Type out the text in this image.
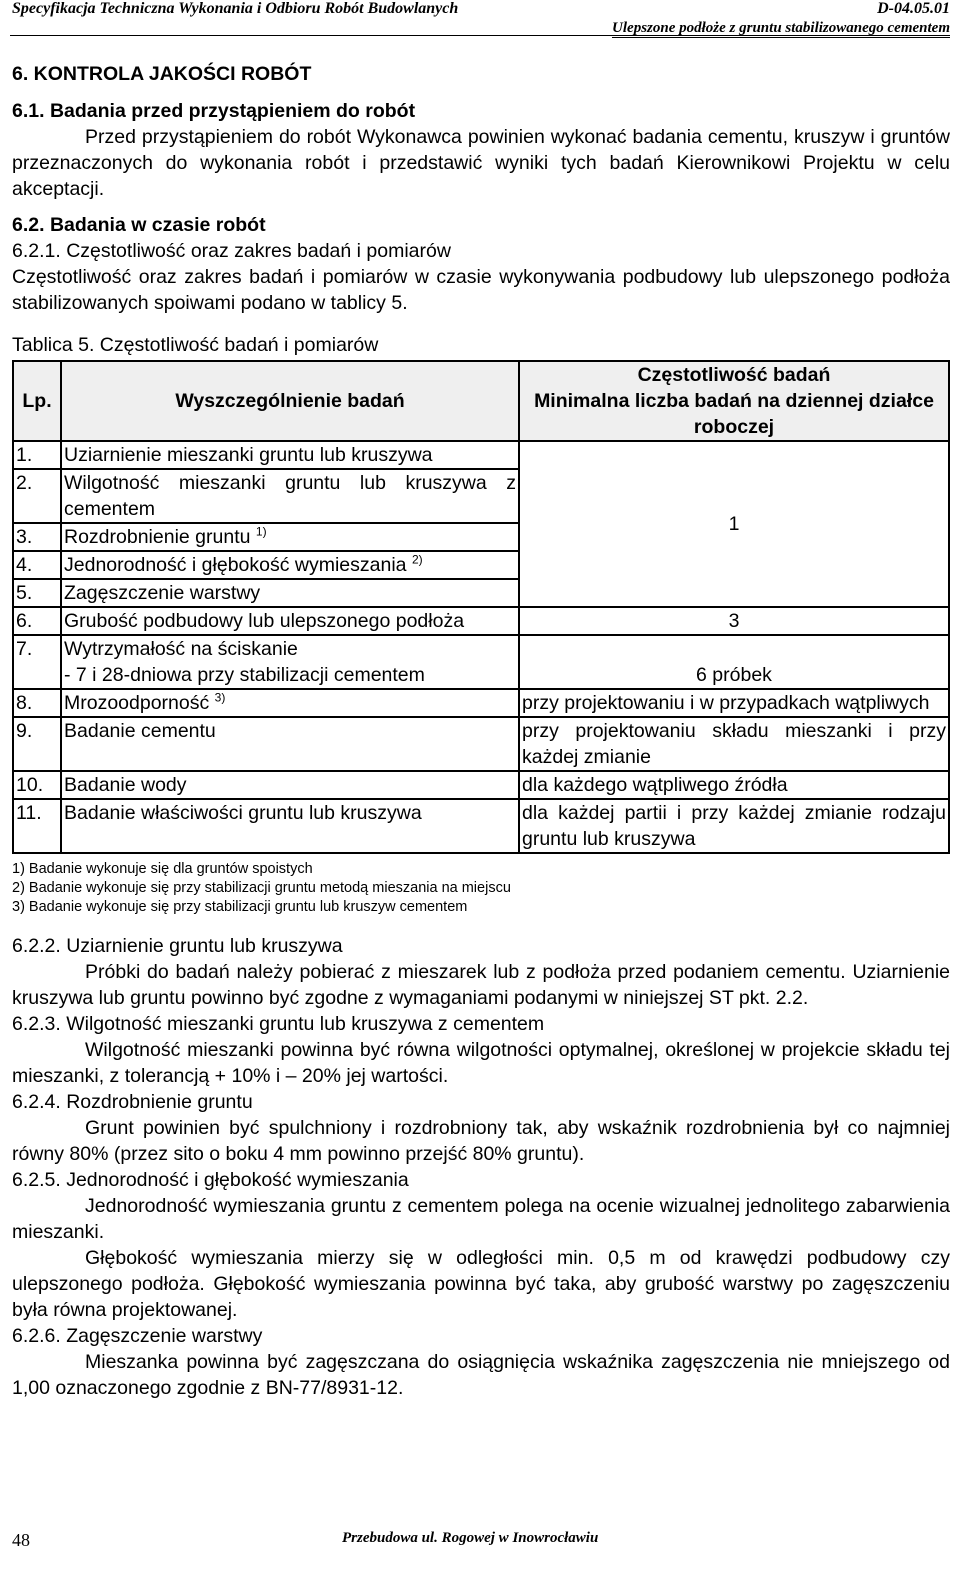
Specyfikacja Techniczna Wykonania i Odbioru Robót Budowlanych	D-04.05.01
Ulepszone podłoże z gruntu stabilizowanego cementem
6. KONTROLA JAKOŚCI ROBÓT
6.1. Badania przed przystąpieniem do robót

Przed przystąpieniem do robót Wykonawca powinien wykonać badania cementu, kruszyw i gruntów przeznaczonych do wykonania robót i przedstawić wyniki tych badań Kierownikowi Projektu w celu akceptacji.

6.2. Badania w czasie robót
6.2.1. Częstotliwość oraz zakres badań i pomiarów

Częstotliwość oraz zakres badań i pomiarów w czasie wykonywania podbudowy lub ulepszonego podłoża stabilizowanych spoiwami podano w tablicy 5.

Tablica 5. Częstotliwość badań i pomiarów
Lp.	Wyszczególnienie badań	Częstotliwość badań
Minimalna liczba badań na dziennej działce roboczej

1.	Uziarnienie mieszanki gruntu lub kruszywa	1
2.	Wilgotność mieszanki gruntu lub kruszywa z cementem	
3.	Rozdrobnienie gruntu $^{1)}$
4.	Jednorodność i głębokość wymieszania $^{2)}$
5.	Zagęszczenie warstwy	
6.	Grubość podbudowy lub ulepszonego podłoża	3
7.	Wytrzymałość na ściskanie
- 7 i 28-dniowa przy stabilizacji cementem	6 próbek
8.	Mrozoodporność $^{3)}$	przy projektowaniu i w przypadkach wątpliwych
9.	Badanie cementu	przy projektowaniu składu mieszanki i przy każdej zmianie
10.	Badanie wody	dla każdego wątpliwego źródła
11.	Badanie właściwości gruntu lub kruszywa	dla każdej partii i przy każdej zmianie rodzaju gruntu lub kruszywa
1) Badanie wykonuje się dla gruntów spoistych
2) Badanie wykonuje się przy stabilizacji gruntu metodą mieszania na miejscu
3) Badanie wykonuje się przy stabilizacji gruntu lub kruszyw cementem
6.2.2. Uziarnienie gruntu lub kruszywa

Próbki do badań należy pobierać z mieszarek lub z podłoża przed podaniem cementu. Uziarnienie kruszywa lub gruntu powinno być zgodne z wymaganiami podanymi w niniejszej ST pkt. 2.2.

6.2.3. Wilgotność mieszanki gruntu lub kruszywa z cementem

Wilgotność mieszanki powinna być równa wilgotności optymalnej, określonej w projekcie składu tej mieszanki, z tolerancją + 10% i – 20% jej wartości.

6.2.4. Rozdrobnienie gruntu

Grunt powinien być spulchniony i rozdrobniony tak, aby wskaźnik rozdrobnienia był co najmniej równy 80% (przez sito o boku 4 mm powinno przejść 80% gruntu).

6.2.5. Jednorodność i głębokość wymieszania

Jednorodność wymieszania gruntu z cementem polega na ocenie wizualnej jednolitego zabarwienia mieszanki.

Głębokość wymieszania mierzy się w odległości min. 0,5 m od krawędzi podbudowy czy ulepszonego podłoża. Głębokość wymieszania powinna być taka, aby grubość warstwy po zagęszczeniu była równa projektowanej.

6.2.6. Zagęszczenie warstwy

Mieszanka powinna być zagęszczana do osiągnięcia wskaźnika zagęszczenia nie mniejszego od 1,00 oznaczonego zgodnie z BN-77/8931-12.

48	Przebudowa ul. Rogowej w Inowrocławiu
